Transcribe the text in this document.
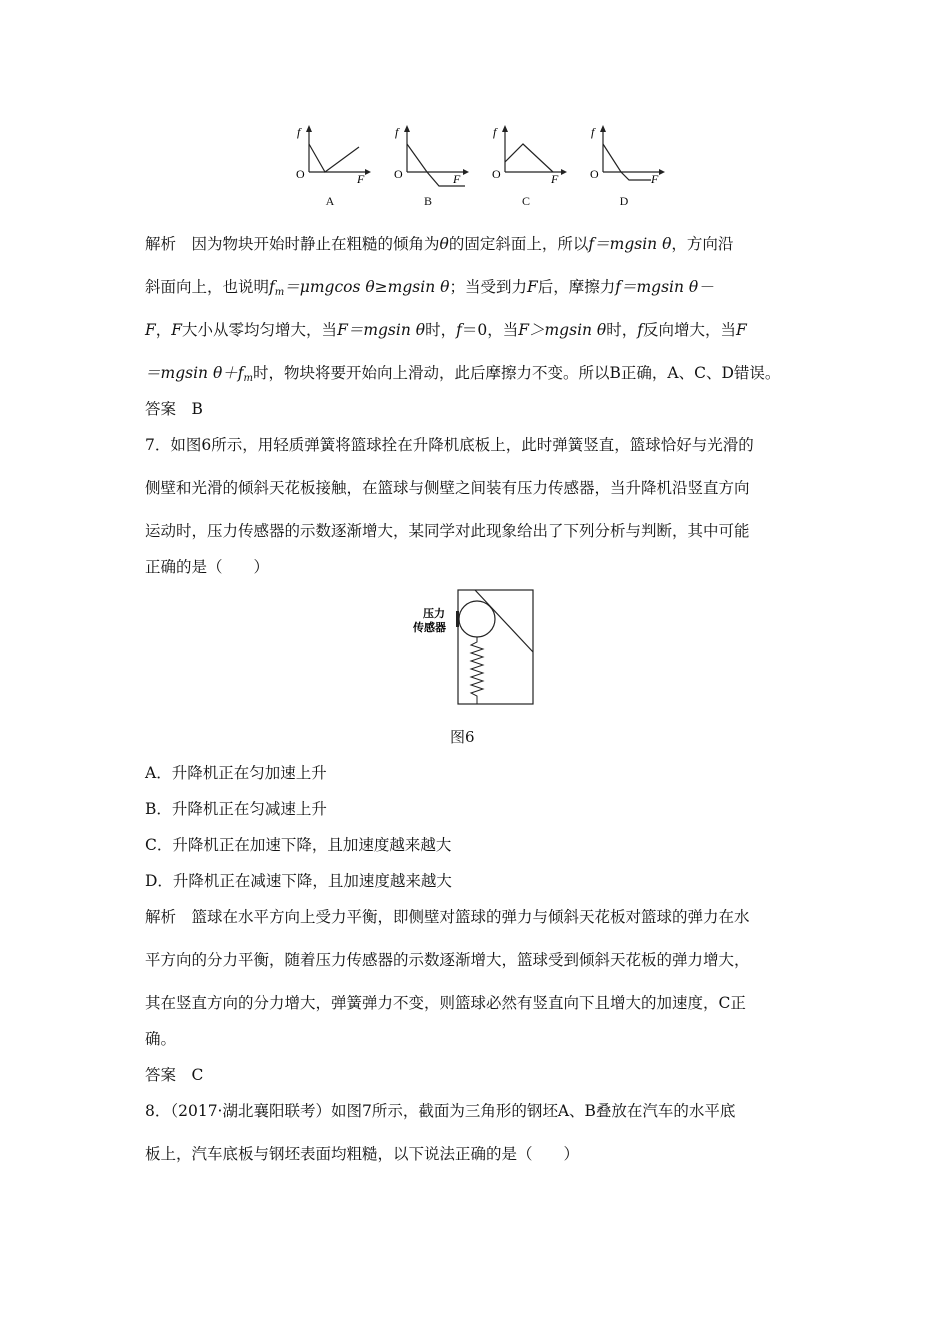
f
O	F
A
f
O	F
B
f
O	F
C
f
O	F
D
解析　 因为物块开始时静止在粗糙的倾角为θ的固定斜面上，所以f＝mgsin θ，方向沿
斜面向上，也说明$f_m=\mu mgcos$ θ≥mgsin θ；当受到力F后，摩擦力f＝mgsin θ－
F，F大小从零均匀增大，当F＝mgsin θ时，f＝0，当F＞mgsin θ时，f反向增大，当F
＝mgsin $\theta+f_m$时，物块将要开始向上滑动，此后摩擦力不变。所以B正确，A、C、D错误。
答案　B
7．如图6所示，用轻质弹簧将篮球拴在升降机底板上，此时弹簧竖直，篮球恰好与光滑的
侧壁和光滑的倾斜天花板接触，在篮球与侧壁之间装有压力传感器，当升降机沿竖直方向
运动时，压力传感器的示数逐渐增大，某同学对此现象给出了下列分析与判断，其中可能
正确的是（　　）
压力
传感器
图6
A．升降机正在匀加速上升
B．升降机正在匀减速上升
C．升降机正在加速下降，且加速度越来越大
D．升降机正在减速下降，且加速度越来越大
解析　篮球在水平方向上受力平衡，即侧壁对篮球的弹力与倾斜天花板对篮球的弹力在水
平方向的分力平衡，随着压力传感器的示数逐渐增大，篮球受到倾斜天花板的弹力增大，
其在竖直方向的分力增大，弹簧弹力不变，则篮球必然有竖直向下且增大的加速度，C正
确。
答案　C
8．（2017·湖北襄阳联考）如图7所示，截面为三角形的钢坯A、B叠放在汽车的水平底
板上，汽车底板与钢坯表面均粗糙，以下说法正确的是（　　）
